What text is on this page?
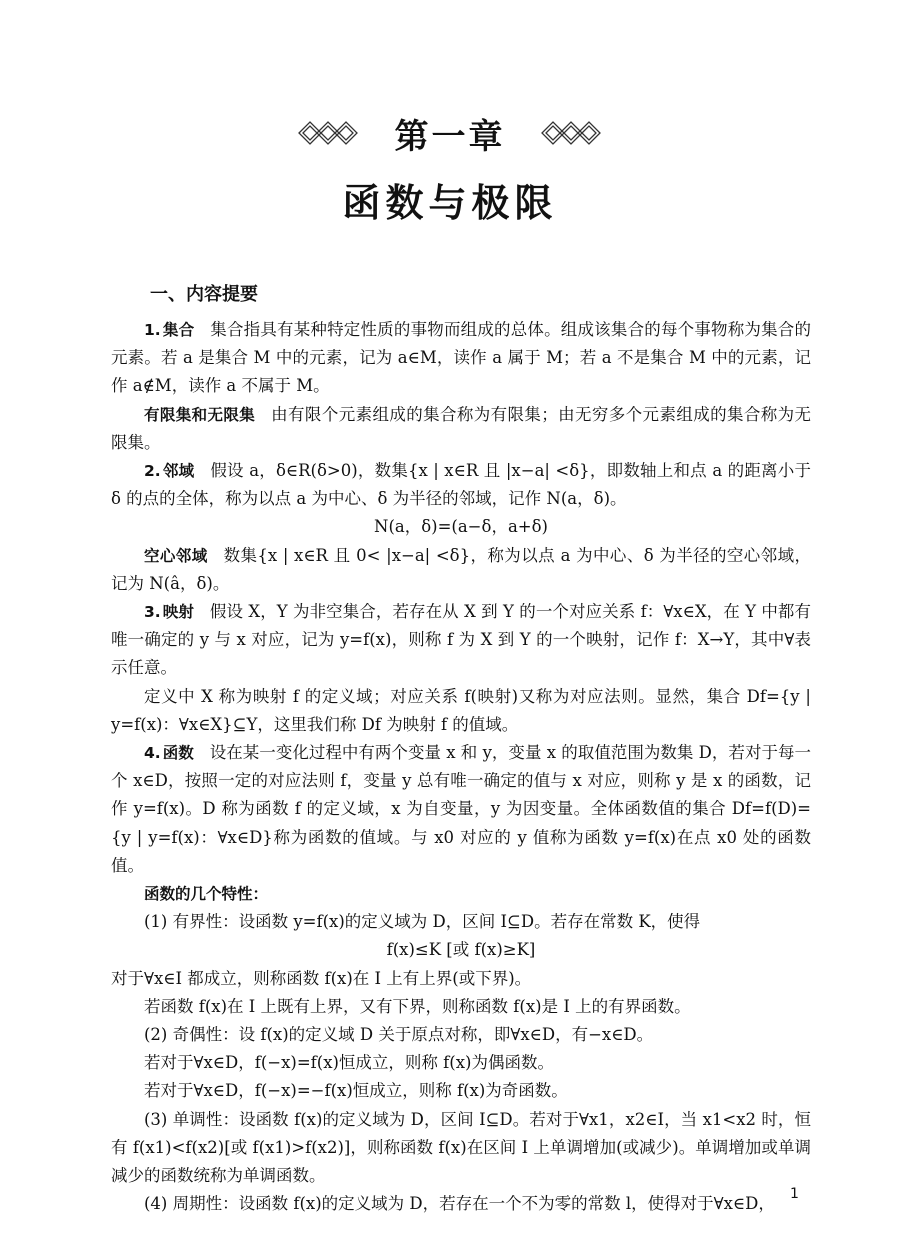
第一章
函数与极限
一、内容提要

1. 集合 集合指具有某种特定性质的事物而组成的总体。组成该集合的每个事物称为集合的元素。若 a 是集合 M 中的元素，记为 a∈M，读作 a 属于 M；若 a 不是集合 M 中的元素，记作 a∉M，读作 a 不属于 M。

有限集和无限集 由有限个元素组成的集合称为有限集；由无穷多个元素组成的集合称为无限集。

2. 邻域 假设 a，δ∈R(δ>0)，数集{x | x∈R 且 |x−a| <δ}，即数轴上和点 a 的距离小于 δ 的点的全体，称为以点 a 为中心、δ 为半径的邻域，记作 N(a，δ)。

N(a，δ)=(a−δ，a+δ)

空心邻域 数集{x | x∈R 且 0< |x−a| <δ}，称为以点 a 为中心、δ 为半径的空心邻域，记为 N(â，δ)。

3. 映射 假设 X，Y 为非空集合，若存在从 X 到 Y 的一个对应关系 f：∀x∈X，在 Y 中都有唯一确定的 y 与 x 对应，记为 y=f(x)，则称 f 为 X 到 Y 的一个映射，记作 f：X→Y，其中∀表示任意。

定义中 X 称为映射 f 的定义域；对应关系 f(映射)又称为对应法则。显然，集合 Df={y | y=f(x)：∀x∈X}⊆Y，这里我们称 Df 为映射 f 的值域。

4. 函数 设在某一变化过程中有两个变量 x 和 y，变量 x 的取值范围为数集 D，若对于每一个 x∈D，按照一定的对应法则 f，变量 y 总有唯一确定的值与 x 对应，则称 y 是 x 的函数，记作 y=f(x)。D 称为函数 f 的定义域，x 为自变量，y 为因变量。全体函数值的集合 Df=f(D)={y | y=f(x)：∀x∈D}称为函数的值域。与 x0 对应的 y 值称为函数 y=f(x)在点 x0 处的函数值。

函数的几个特性：

(1) 有界性：设函数 y=f(x)的定义域为 D，区间 I⊆D。若存在常数 K，使得

f(x)≤K [或 f(x)≥K]

对于∀x∈I 都成立，则称函数 f(x)在 I 上有上界(或下界)。

若函数 f(x)在 I 上既有上界，又有下界，则称函数 f(x)是 I 上的有界函数。

(2) 奇偶性：设 f(x)的定义域 D 关于原点对称，即∀x∈D，有−x∈D。

若对于∀x∈D，f(−x)=f(x)恒成立，则称 f(x)为偶函数。

若对于∀x∈D，f(−x)=−f(x)恒成立，则称 f(x)为奇函数。

(3) 单调性：设函数 f(x)的定义域为 D，区间 I⊆D。若对于∀x1，x2∈I，当 x1<x2 时，恒有 f(x1)<f(x2)[或 f(x1)>f(x2)]，则称函数 f(x)在区间 I 上单调增加(或减少)。单调增加或单调减少的函数统称为单调函数。

(4) 周期性：设函数 f(x)的定义域为 D，若存在一个不为零的常数 l，使得对于∀x∈D，

1
